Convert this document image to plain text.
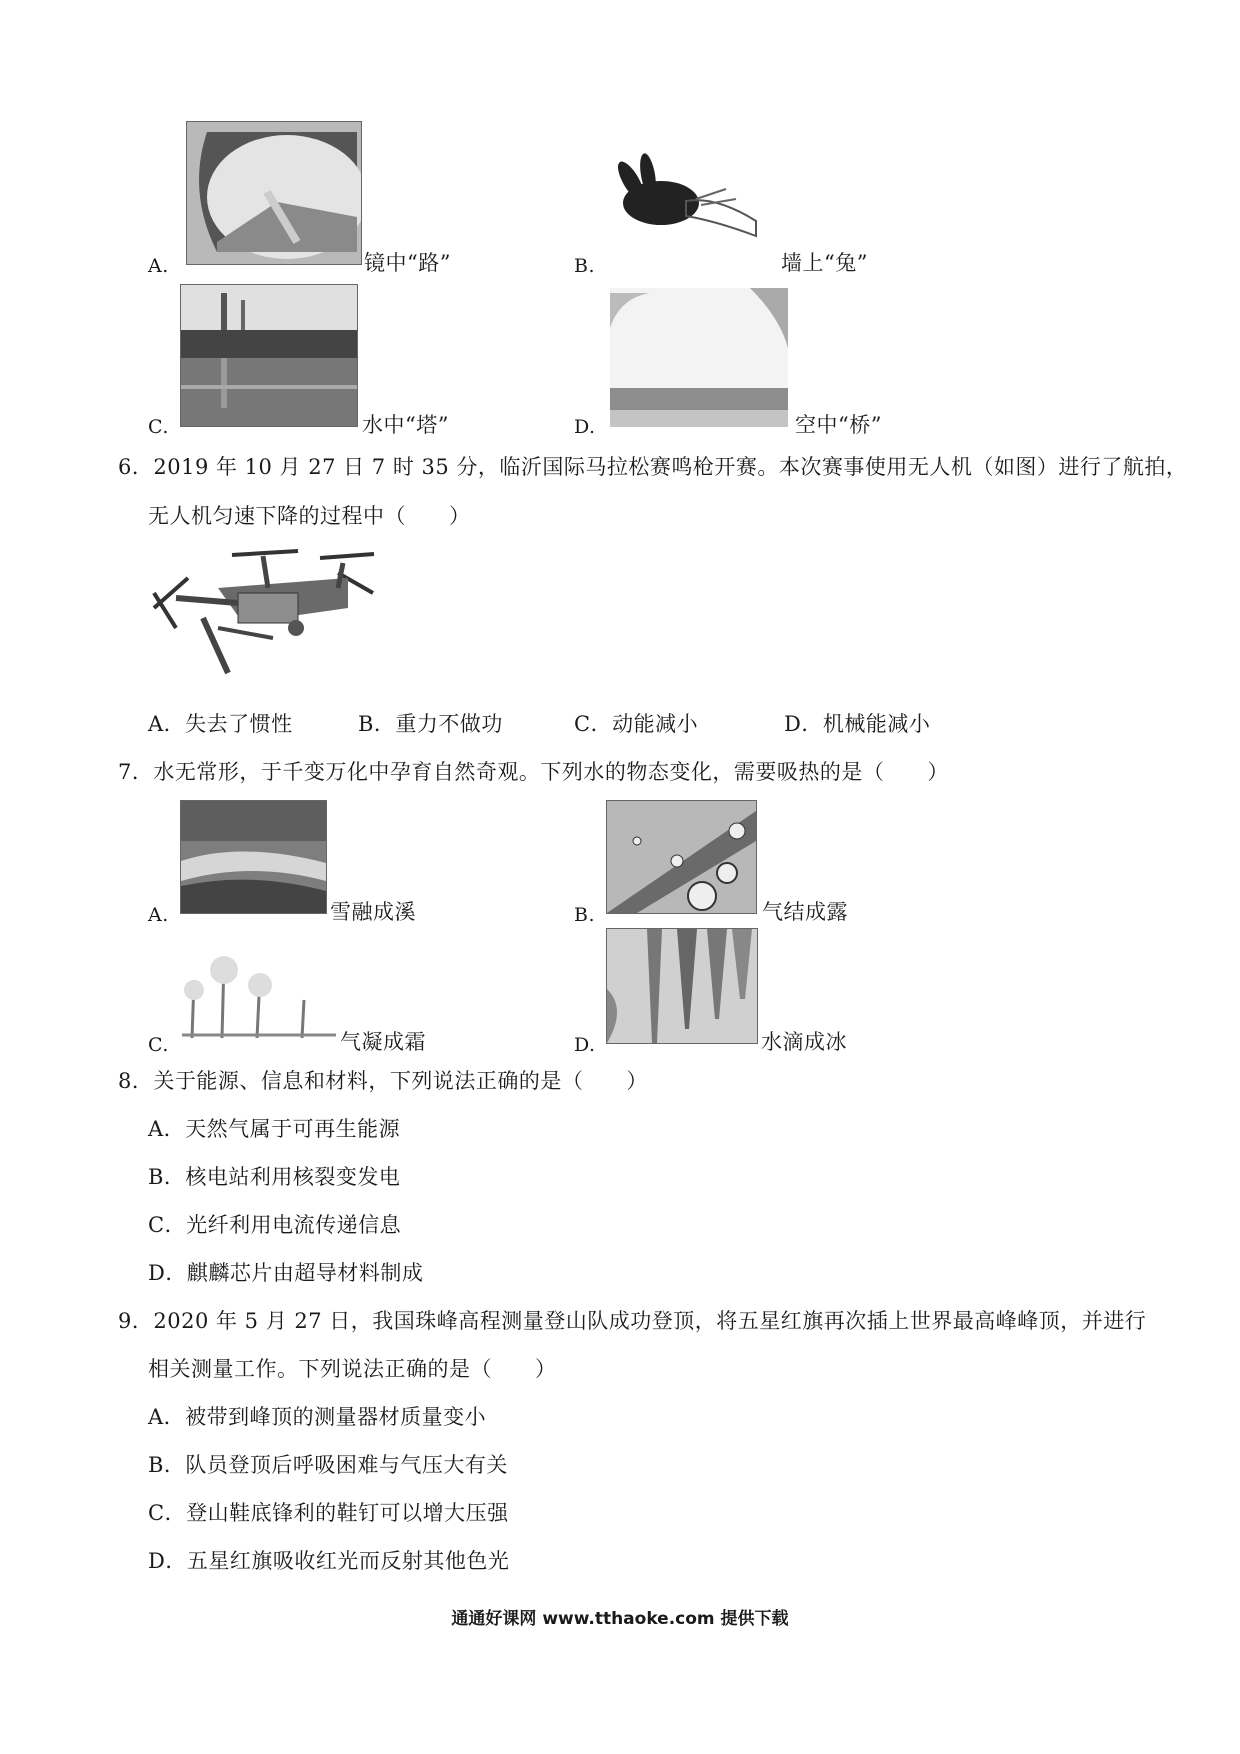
A.	镜中“路”	B.	墙上“兔”
C.	水中“塔”	D.	空中“桥”
6．2019 年 10 月 27 日 7 时 35 分，临沂国际马拉松赛鸣枪开赛。本次赛事使用无人机（如图）进行了航拍，
无人机匀速下降的过程中（　　）
A．失去了惯性	B．重力不做功	C．动能减小	D．机械能减小
7．水无常形，于千变万化中孕育自然奇观。下列水的物态变化，需要吸热的是（　　）
A.	雪融成溪	B.	气结成露
C.	气凝成霜	D.	水滴成冰
8．关于能源、信息和材料，下列说法正确的是（　　）
A．天然气属于可再生能源
B．核电站利用核裂变发电
C．光纤利用电流传递信息
D．麒麟芯片由超导材料制成
9．2020 年 5 月 27 日，我国珠峰高程测量登山队成功登顶，将五星红旗再次插上世界最高峰峰顶，并进行
相关测量工作。下列说法正确的是（　　）
A．被带到峰顶的测量器材质量变小
B．队员登顶后呼吸困难与气压大有关
C．登山鞋底锋利的鞋钉可以增大压强
D．五星红旗吸收红光而反射其他色光
通通好课网 www.tthaoke.com 提供下载
